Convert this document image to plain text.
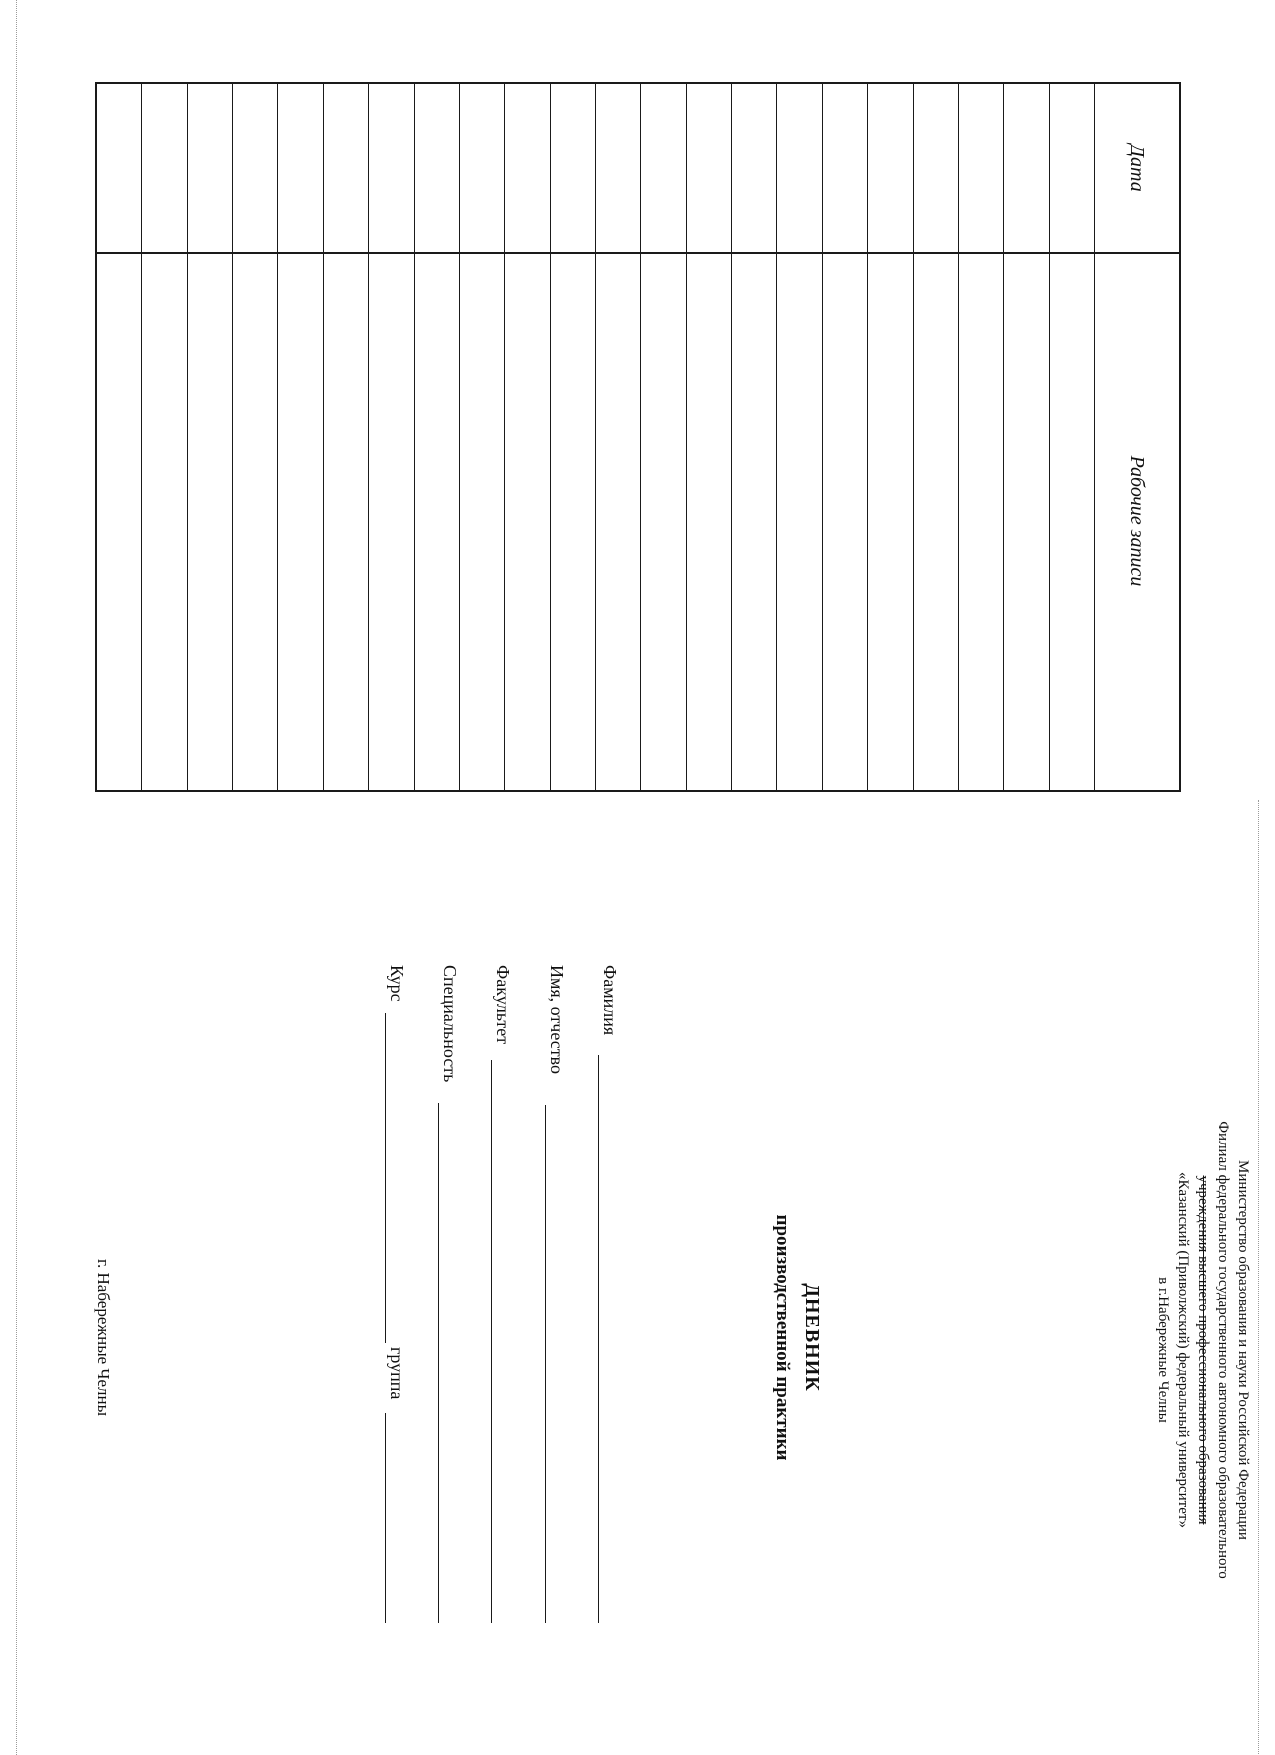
Дата
Рабочие записи
Министерство образования и науки Российской Федерации
Филиал федерального государственного автономного образовательного
учреждения высшего профессионального образования
«Казанский (Приволжский) федеральный университет»
в г.Набережные Челны
ДНЕВНИК
производственной практики
Фамилия
Имя, отчество
Факультет
Специальность
Курс
группа
г. Набережные Челны
